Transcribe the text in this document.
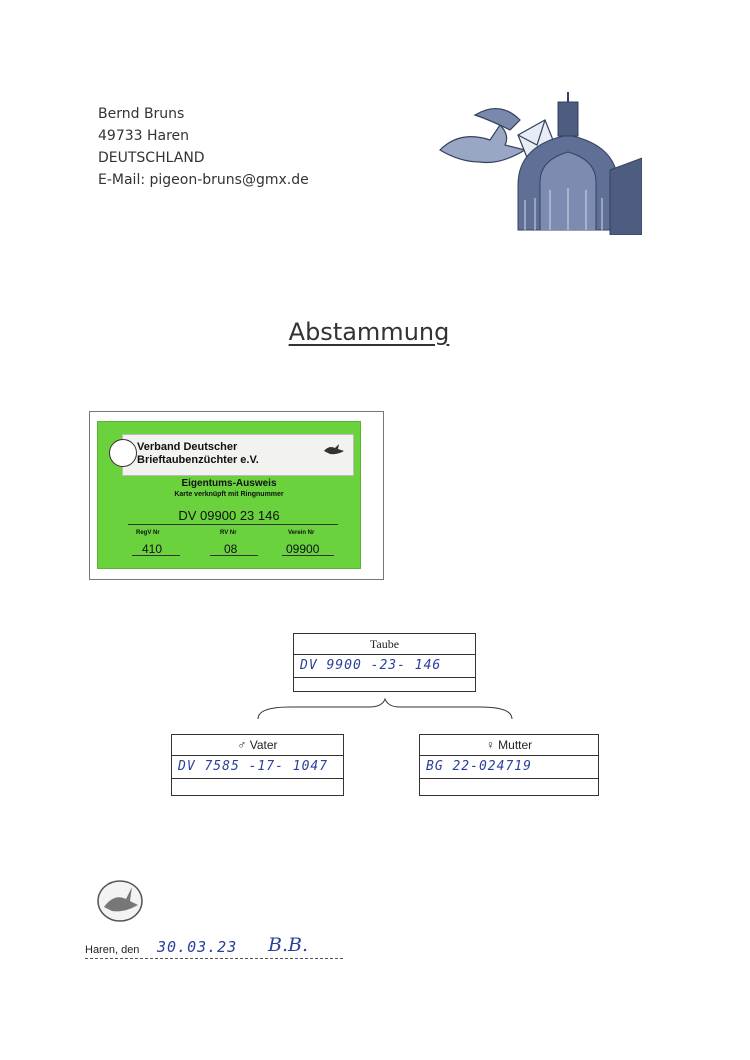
Bernd Bruns
49733 Haren
DEUTSCHLAND
E-Mail: pigeon-bruns@gmx.de
Abstammung
Verband Deutscher
Brieftaubenzüchter e.V.
Eigentums-Ausweis
Karte verknüpft mit Ringnummer
DV 09900 23 146
RegV Nr
410
RV Nr
08
Verein Nr
09900
Taube
DV 9900 -23- 146
♂ Vater
DV 7585 -17- 1047
♀ Mutter
BG 22-024719
Haren, den 30.03.23 B.B.
